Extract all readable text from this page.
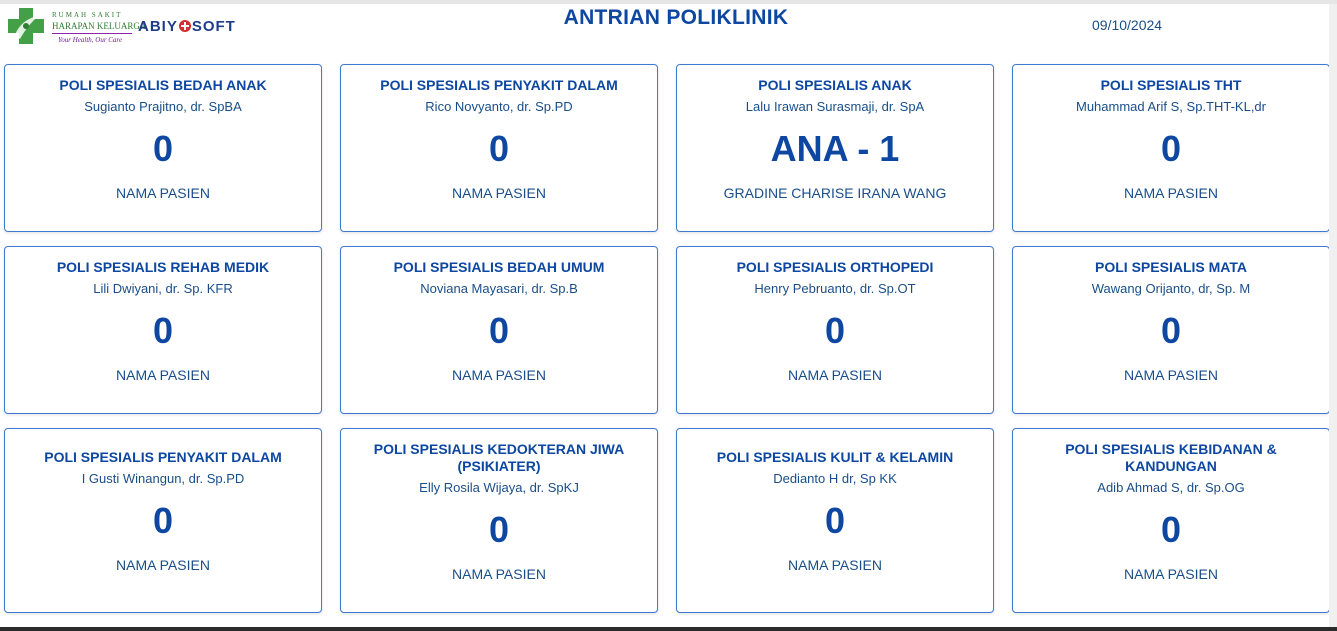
RUMAH SAKIT
HARAPAN KELUARGA
Your Health, Our Care
ABIY SOFT	ANTRIAN POLIKLINIK	09/10/2024
POLI SPESIALIS BEDAH ANAK
Sugianto Prajitno, dr. SpBA
0
NAMA PASIEN
POLI SPESIALIS PENYAKIT DALAM
Rico Novyanto, dr. Sp.PD
0
NAMA PASIEN
POLI SPESIALIS ANAK
Lalu Irawan Surasmaji, dr. SpA
ANA - 1
GRADINE CHARISE IRANA WANG
POLI SPESIALIS THT
Muhammad Arif S, Sp.THT-KL,dr
0
NAMA PASIEN
POLI SPESIALIS REHAB MEDIK
Lili Dwiyani, dr. Sp. KFR
0
NAMA PASIEN
POLI SPESIALIS BEDAH UMUM
Noviana Mayasari, dr. Sp.B
0
NAMA PASIEN
POLI SPESIALIS ORTHOPEDI
Henry Pebruanto, dr. Sp.OT
0
NAMA PASIEN
POLI SPESIALIS MATA
Wawang Orijanto, dr, Sp. M
0
NAMA PASIEN
POLI SPESIALIS PENYAKIT DALAM
I Gusti Winangun, dr. Sp.PD
0
NAMA PASIEN
POLI SPESIALIS KEDOKTERAN JIWA (PSIKIATER)
Elly Rosila Wijaya, dr. SpKJ
0
NAMA PASIEN
POLI SPESIALIS KULIT & KELAMIN
Dedianto H dr, Sp KK
0
NAMA PASIEN
POLI SPESIALIS KEBIDANAN & KANDUNGAN
Adib Ahmad S, dr. Sp.OG
0
NAMA PASIEN
